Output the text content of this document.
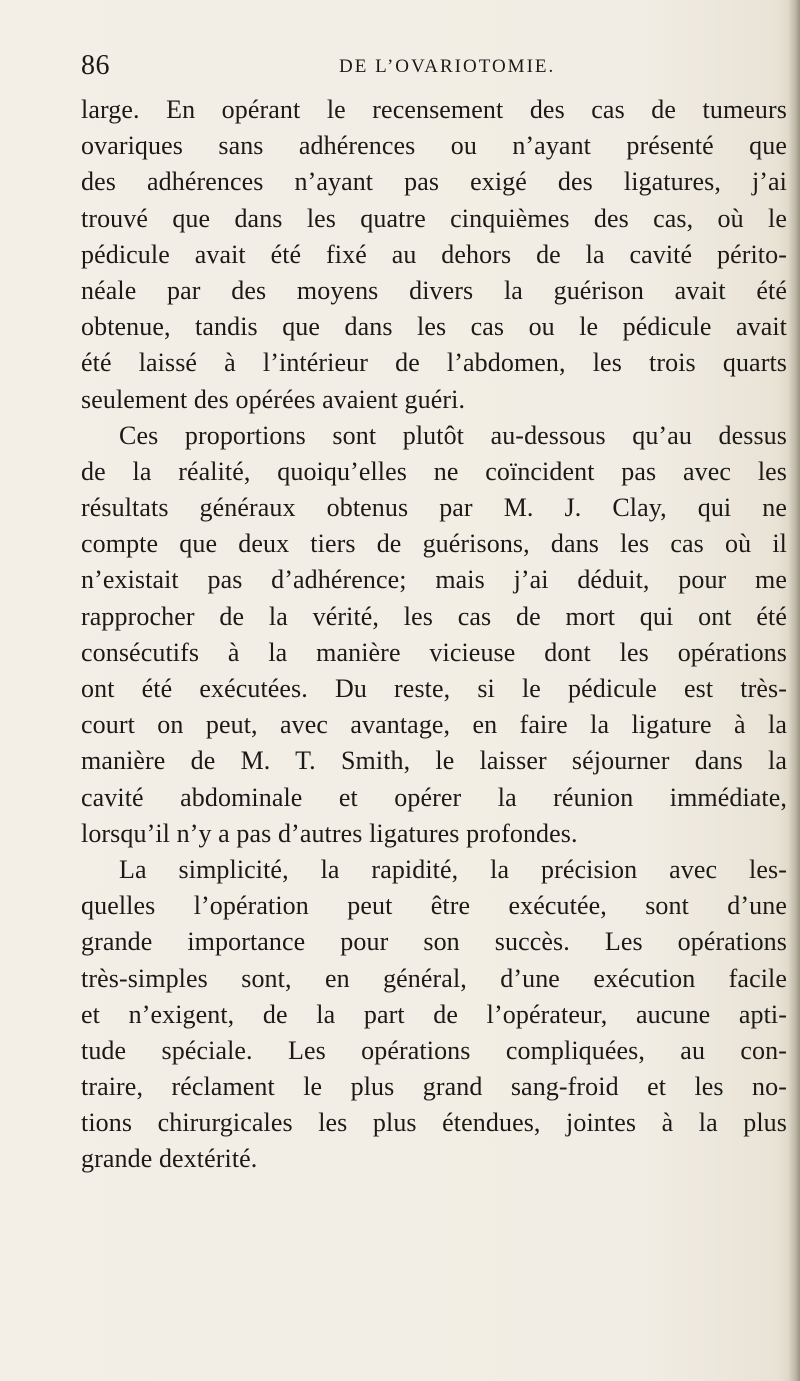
86	DE L’OVARIOTOMIE.
large. En opérant le recensement des cas de tumeurs
ovariques sans adhérences ou n’ayant présenté que
des adhérences n’ayant pas exigé des ligatures, j’ai
trouvé que dans les quatre cinquièmes des cas, où le
pédicule avait été fixé au dehors de la cavité périto-
néale par des moyens divers la guérison avait été
obtenue, tandis que dans les cas ou le pédicule avait
été laissé à l’intérieur de l’abdomen, les trois quarts
seulement des opérées avaient guéri.
Ces proportions sont plutôt au-dessous qu’au dessus
de la réalité, quoiqu’elles ne coïncident pas avec les
résultats généraux obtenus par M. J. Clay, qui ne
compte que deux tiers de guérisons, dans les cas où il
n’existait pas d’adhérence; mais j’ai déduit, pour me
rapprocher de la vérité, les cas de mort qui ont été
consécutifs à la manière vicieuse dont les opérations
ont été exécutées. Du reste, si le pédicule est très-
court on peut, avec avantage, en faire la ligature à la
manière de M. T. Smith, le laisser séjourner dans la
cavité abdominale et opérer la réunion immédiate,
lorsqu’il n’y a pas d’autres ligatures profondes.
La simplicité, la rapidité, la précision avec les-
quelles l’opération peut être exécutée, sont d’une
grande importance pour son succès. Les opérations
très-simples sont, en général, d’une exécution facile
et n’exigent, de la part de l’opérateur, aucune apti-
tude spéciale. Les opérations compliquées, au con-
traire, réclament le plus grand sang-froid et les no-
tions chirurgicales les plus étendues, jointes à la plus
grande dextérité.
